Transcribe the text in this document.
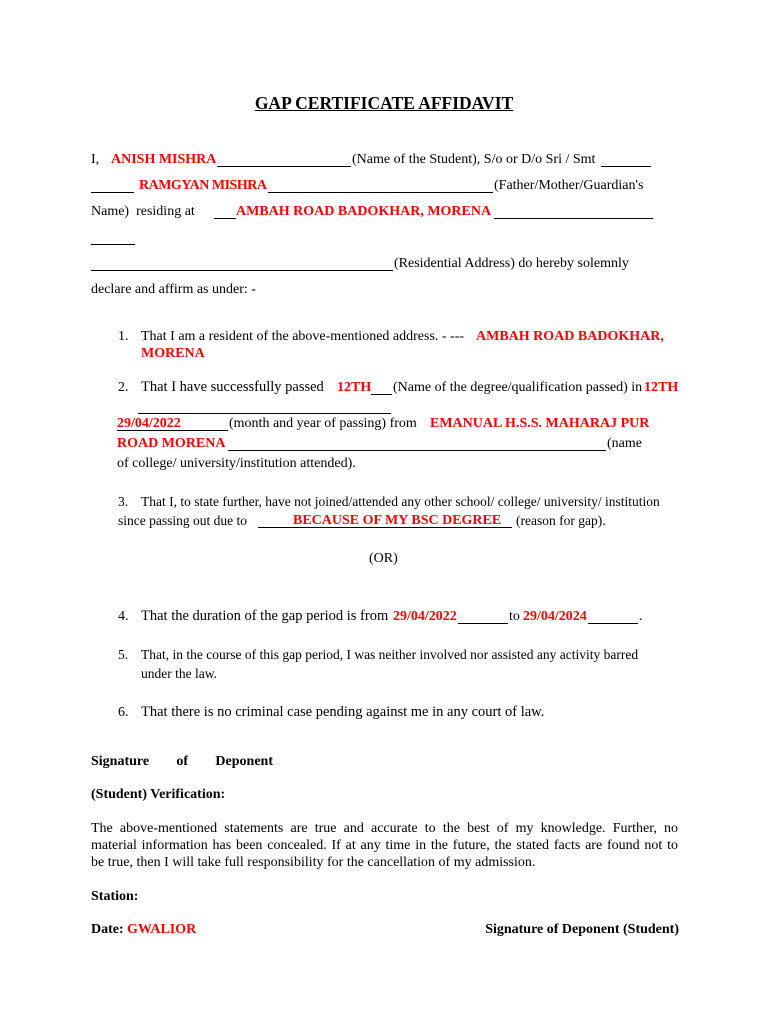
GAP CERTIFICATE AFFIDAVIT
I, ANISH MISHRA	(Name of the Student), S/o or D/o Sri / Smt
RAMGYAN MISHRA	(Father/Mother/Guardian's
Name)  residing at	AMBAH ROAD BADOKHAR, MORENA
(Residential Address) do hereby solemnly
declare and affirm as under: -
1. That I am a resident of the above-mentioned address. - --- AMBAH ROAD BADOKHAR,
MORENA
2. That I have successfully passed 12TH (Name of the degree/qualification passed) in 12TH
29/04/2022	(month and year of passing) from EMANUAL H.S.S. MAHARAJ PUR
ROAD MORENA	(name
of college/ university/institution attended).
3. That I, to state further, have not joined/attended any other school/ college/ university/ institution
since passing out due to	BECAUSE OF MY BSC DEGREE (reason for gap).
(OR)
4. That the duration of the gap period is from 29/04/2022	to 29/04/2024	.
5. That, in the course of this gap period, I was neither involved nor assisted any activity barred
under the law.
6. That there is no criminal case pending against me in any court of law.
Signature of Deponent
(Student) Verification:
The above-mentioned statements are true and accurate to the best of my knowledge. Further, no
material information has been concealed. If at any time in the future, the stated facts are found not to
be true, then I will take full responsibility for the cancellation of my admission.
Station:
Date: GWALIOR	Signature of Deponent (Student)
